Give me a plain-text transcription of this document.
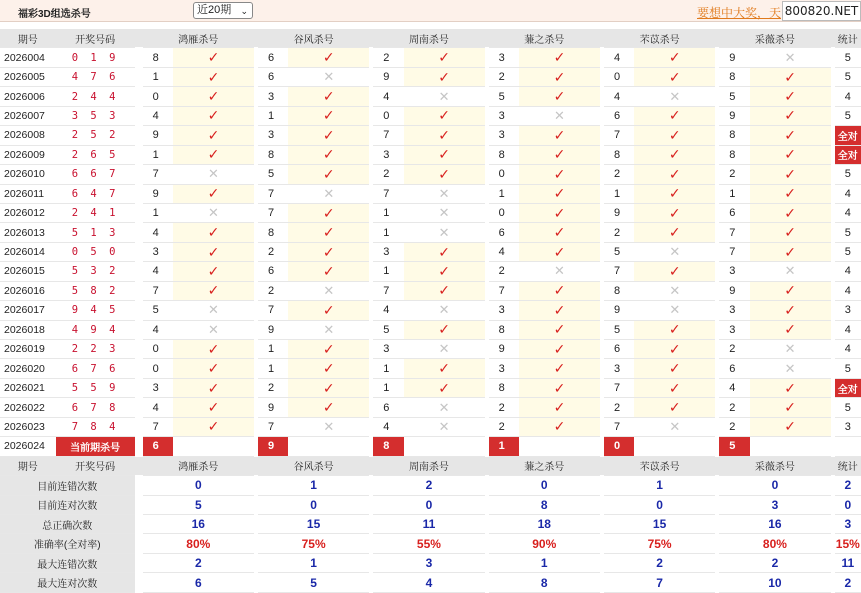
福彩3D组选杀号	近20期 ⌄	要想中大奖，天 800820.NET
期号	开奖号码		鸿雁杀号			谷风杀号			周南杀号			蒹之杀号			芣苡杀号			采薇杀号			统计
2026004	0 1 9		8	✓		6	✓		2	✓		3	✓		4	✓		9	✕		5
2026005	4 7 6		1	✓		6	✕		9	✓		2	✓		0	✓		8	✓		5
2026006	2 4 4		0	✓		3	✓		4	✕		5	✓		4	✕		5	✓		4
2026007	3 5 3		4	✓		1	✓		0	✓		3	✕		6	✓		9	✓		5
2026008	2 5 2		9	✓		3	✓		7	✓		3	✓		7	✓		8	✓		全对
2026009	2 6 5		1	✓		8	✓		3	✓		8	✓		8	✓		8	✓		全对
2026010	6 6 7		7	✕		5	✓		2	✓		0	✓		2	✓		2	✓		5
2026011	6 4 7		9	✓		7	✕		7	✕		1	✓		1	✓		1	✓		4
2026012	2 4 1		1	✕		7	✓		1	✕		0	✓		9	✓		6	✓		4
2026013	5 1 3		4	✓		8	✓		1	✕		6	✓		2	✓		7	✓		5
2026014	0 5 0		3	✓		2	✓		3	✓		4	✓		5	✕		7	✓		5
2026015	5 3 2		4	✓		6	✓		1	✓		2	✕		7	✓		3	✕		4
2026016	5 8 2		7	✓		2	✕		7	✓		7	✓		8	✕		9	✓		4
2026017	9 4 5		5	✕		7	✓		4	✕		3	✓		9	✕		3	✓		3
2026018	4 9 4		4	✕		9	✕		5	✓		8	✓		5	✓		3	✓		4
2026019	2 2 3		0	✓		1	✓		3	✕		9	✓		6	✓		2	✕		4
2026020	6 7 6		0	✓		1	✓		1	✓		3	✓		3	✓		6	✕		5
2026021	5 5 9		3	✓		2	✓		1	✓		8	✓		7	✓		4	✓		全对
2026022	6 7 8		4	✓		9	✓		6	✕		2	✓		2	✓		2	✓		5
2026023	7 8 4		7	✓		7	✕		4	✕		2	✓		7	✕		2	✓		3
2026024	当前期杀号		6			9			8			1			0			5			
期号	开奖号码		鸿雁杀号			谷风杀号			周南杀号			蒹之杀号			芣苡杀号			采薇杀号			统计
目前连错次数			0			1			2			0			1			0			2
目前连对次数			5			0			0			8			0			3			0
总正确次数			16			15			11			18			15			16			3
准确率(全对率)			80%			75%			55%			90%			75%			80%			15%
最大连错次数			2			1			3			1			2			2			11
最大连对次数			6			5			4			8			7			10			2
